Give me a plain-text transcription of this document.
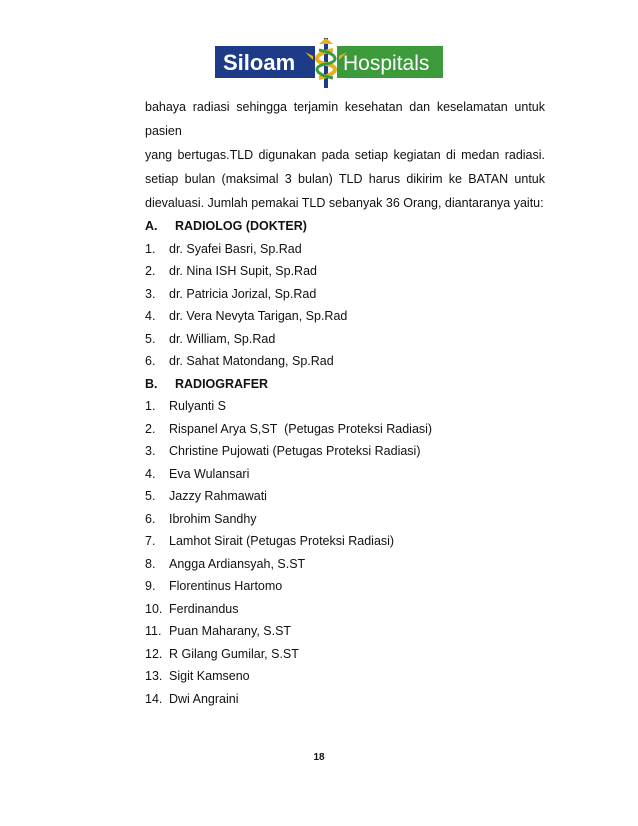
Siloam Hospitals

bahaya radiasi sehingga terjamin kesehatan dan keselamatan untuk pasien

yang bertugas.TLD digunakan pada setiap kegiatan di medan radiasi.

setiap bulan (maksimal 3 bulan) TLD harus dikirim ke BATAN untuk

dievaluasi. Jumlah pemakai TLD sebanyak 36 Orang, diantaranya yaitu:

A.	RADIOLOG (DOKTER)
1.	dr. Syafei Basri, Sp.Rad
2.	dr. Nina ISH Supit, Sp.Rad
3.	dr. Patricia Jorizal, Sp.Rad
4.	dr. Vera Nevyta Tarigan, Sp.Rad
5.	dr. William, Sp.Rad
6.	dr. Sahat Matondang, Sp.Rad
B.	RADIOGRAFER
1.	Rulyanti S
2.	Rispanel Arya S,ST  (Petugas Proteksi Radiasi)
3.	Christine Pujowati (Petugas Proteksi Radiasi)
4.	Eva Wulansari
5.	Jazzy Rahmawati
6.	Ibrohim Sandhy
7.	Lamhot Sirait (Petugas Proteksi Radiasi)
8.	Angga Ardiansyah, S.ST
9.	Florentinus Hartomo
10. Ferdinandus
11. Puan Maharany, S.ST
12. R Gilang Gumilar, S.ST
13. Sigit Kamseno
14. Dwi Angraini
18
